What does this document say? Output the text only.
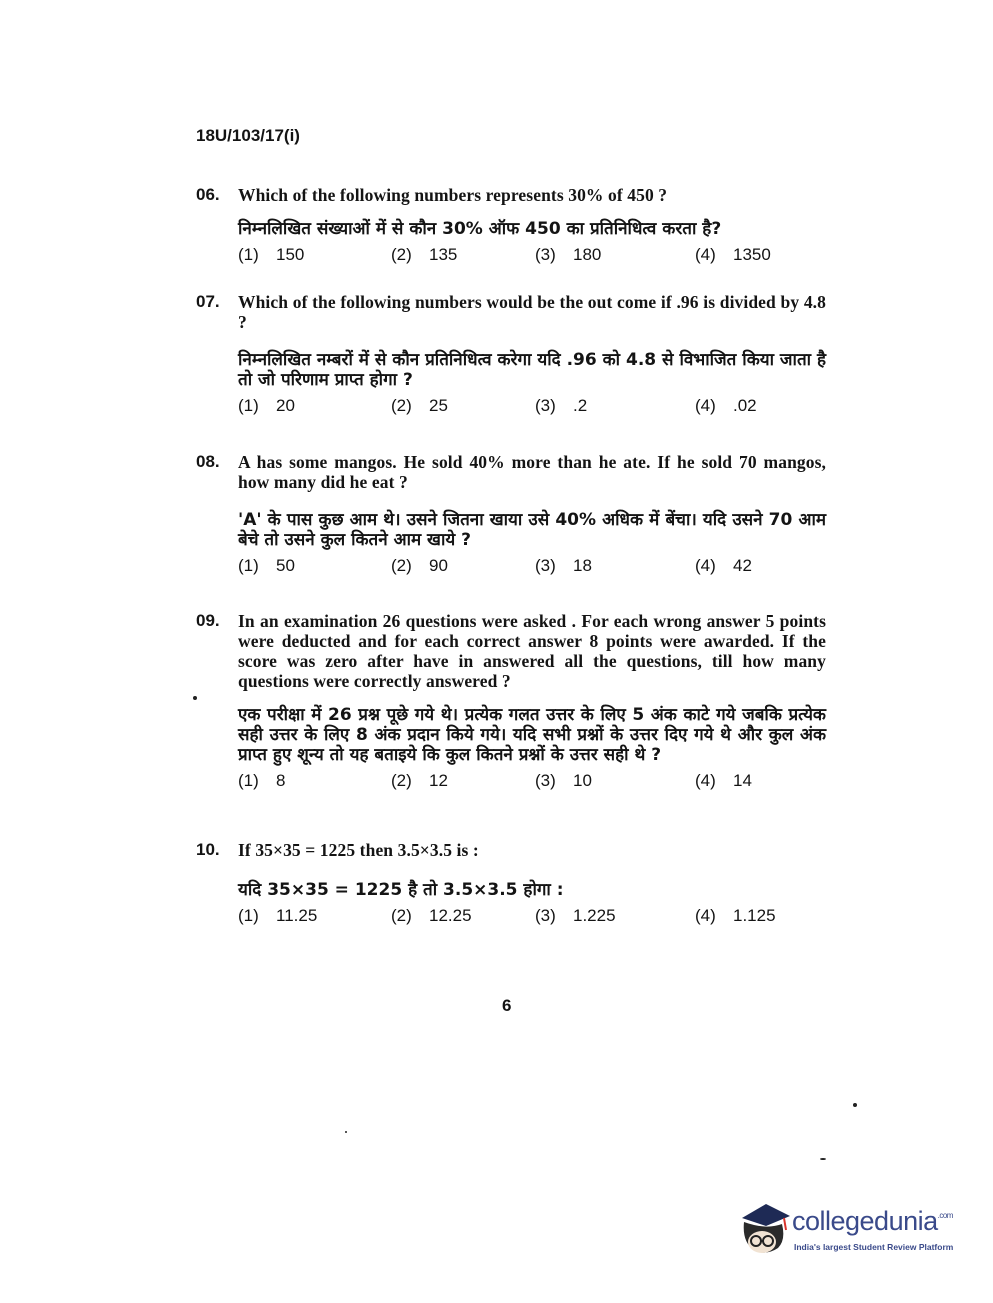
18U/103/17(i)
06. Which of the following numbers represents 30% of 450 ?
निम्नलिखित संख्याओं में से कौन 30% ऑफ 450 का प्रतिनिधित्व करता है?
(1) 150	(2) 135	(3) 180	(4) 1350
07. Which of the following numbers would be the out come if .96 is divided by 4.8 ?
निम्नलिखित नम्बरों में से कौन प्रतिनिधित्व करेगा यदि .96 को 4.8 से विभाजित किया जाता है तो जो परिणाम प्राप्त होगा ?
(1) 20	(2) 25	(3) .2	(4) .02
08. A has some mangos. He sold 40% more than he ate. If he sold 70 mangos, how many did he eat ?
'A' के पास कुछ आम थे। उसने जितना खाया उसे 40% अधिक में बेंचा। यदि उसने 70 आम बेचे तो उसने कुल कितने आम खाये ?
(1) 50	(2) 90	(3) 18	(4) 42
09. In an examination 26 questions were asked . For each wrong answer 5 points were deducted and for each correct answer 8 points were awarded. If the score was zero after have in answered all the questions, till how many questions were correctly answered ?
एक परीक्षा में 26 प्रश्न पूछे गये थे। प्रत्येक गलत उत्तर के लिए 5 अंक काटे गये जबकि प्रत्येक सही उत्तर के लिए 8 अंक प्रदान किये गये। यदि सभी प्रश्नों के उत्तर दिए गये थे और कुल अंक प्राप्त हुए शून्य तो यह बताइये कि कुल कितने प्रश्नों के उत्तर सही थे ?
(1) 8	(2) 12	(3) 10	(4) 14
10. If 35×35 = 1225 then 3.5×3.5 is :
यदि 35×35 = 1225 है तो 3.5×3.5 होगा :
(1) 11.25	(2) 12.25	(3) 1.225	(4) 1.125
6
collegedunia$^{.com}$
India's largest Student Review Platform
